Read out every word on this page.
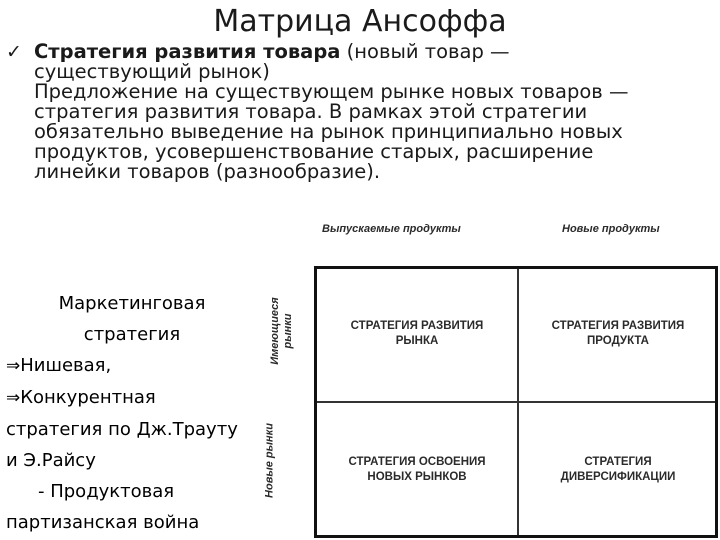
Матрица Ансоффа
✓ Стратегия развития товара (новый товар —
существующий рынок)
Предложение на существующем рынке новых товаров —
стратегия развития товара. В рамках этой стратегии
обязательно выведение на рынок принципиально новых
продуктов, усовершенствование старых, расширение
линейки товаров (разнообразие).
Маркетинговая
стратегия
⇒Нишевая,
⇒Конкурентная
стратегия по Дж.Трауту
и Э.Райсу
- Продуктовая
партизанская война
Выпускаемые продукты	Новые продукты
Имеющиеся рынки
Новые рынки
СТРАТЕГИЯ РАЗВИТИЯ
РЫНКА
СТРАТЕГИЯ РАЗВИТИЯ
ПРОДУКТА
СТРАТЕГИЯ ОСВОЕНИЯ
НОВЫХ РЫНКОВ
СТРАТЕГИЯ
ДИВЕРСИФИКАЦИИ
